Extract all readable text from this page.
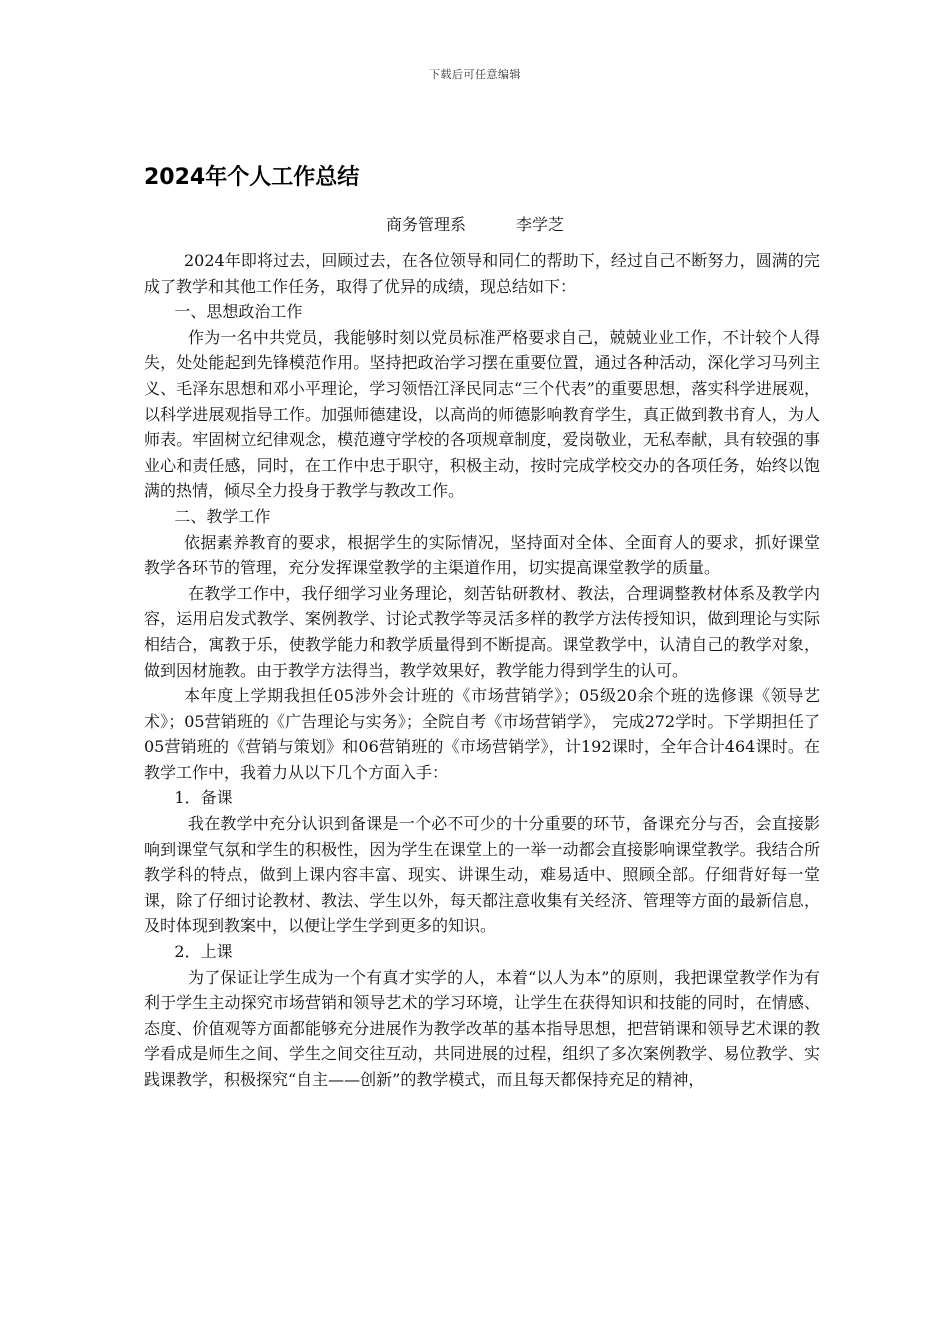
下载后可任意编辑
2024年个人工作总结
商务管理系	李学芝

2024年即将过去，回顾过去，在各位领导和同仁的帮助下，经过自己不断努力，圆满的完成了教学和其他工作任务，取得了优异的成绩，现总结如下：

一、思想政治工作

作为一名中共党员，我能够时刻以党员标准严格要求自己，兢兢业业工作，不计较个人得失，处处能起到先锋模范作用。坚持把政治学习摆在重要位置，通过各种活动，深化学习马列主义、毛泽东思想和邓小平理论，学习领悟江泽民同志“三个代表”的重要思想，落实科学进展观，以科学进展观指导工作。加强师德建设，以高尚的师德影响教育学生，真正做到教书育人，为人师表。牢固树立纪律观念，模范遵守学校的各项规章制度，爱岗敬业，无私奉献，具有较强的事业心和责任感，同时，在工作中忠于职守，积极主动，按时完成学校交办的各项任务，始终以饱满的热情，倾尽全力投身于教学与教改工作。

二、教学工作

依据素养教育的要求，根据学生的实际情况，坚持面对全体、全面育人的要求，抓好课堂教学各环节的管理，充分发挥课堂教学的主渠道作用，切实提高课堂教学的质量。

在教学工作中，我仔细学习业务理论，刻苦钻研教材、教法，合理调整教材体系及教学内容，运用启发式教学、案例教学、讨论式教学等灵活多样的教学方法传授知识，做到理论与实际相结合，寓教于乐，使教学能力和教学质量得到不断提高。课堂教学中，认清自己的教学对象，做到因材施教。由于教学方法得当，教学效果好，教学能力得到学生的认可。

本年度上学期我担任05涉外会计班的《市场营销学》；05级20余个班的选修课《领导艺术》；05营销班的《广告理论与实务》；全院自考《市场营销学》， 完成272学时。下学期担任了05营销班的《营销与策划》和06营销班的《市场营销学》，计192课时，全年合计464课时。在教学工作中，我着力从以下几个方面入手：

1．备课

我在教学中充分认识到备课是一个必不可少的十分重要的环节，备课充分与否，会直接影响到课堂气氛和学生的积极性，因为学生在课堂上的一举一动都会直接影响课堂教学。我结合所教学科的特点，做到上课内容丰富、现实、讲课生动，难易适中、照顾全部。仔细背好每一堂课，除了仔细讨论教材、教法、学生以外，每天都注意收集有关经济、管理等方面的最新信息，及时体现到教案中，以便让学生学到更多的知识。

2．上课

为了保证让学生成为一个有真才实学的人，本着“以人为本”的原则，我把课堂教学作为有利于学生主动探究市场营销和领导艺术的学习环境，让学生在获得知识和技能的同时，在情感、态度、价值观等方面都能够充分进展作为教学改革的基本指导思想，把营销课和领导艺术课的教学看成是师生之间、学生之间交往互动，共同进展的过程，组织了多次案例教学、易位教学、实践课教学，积极探究“自主——创新”的教学模式，而且每天都保持充足的精神，
